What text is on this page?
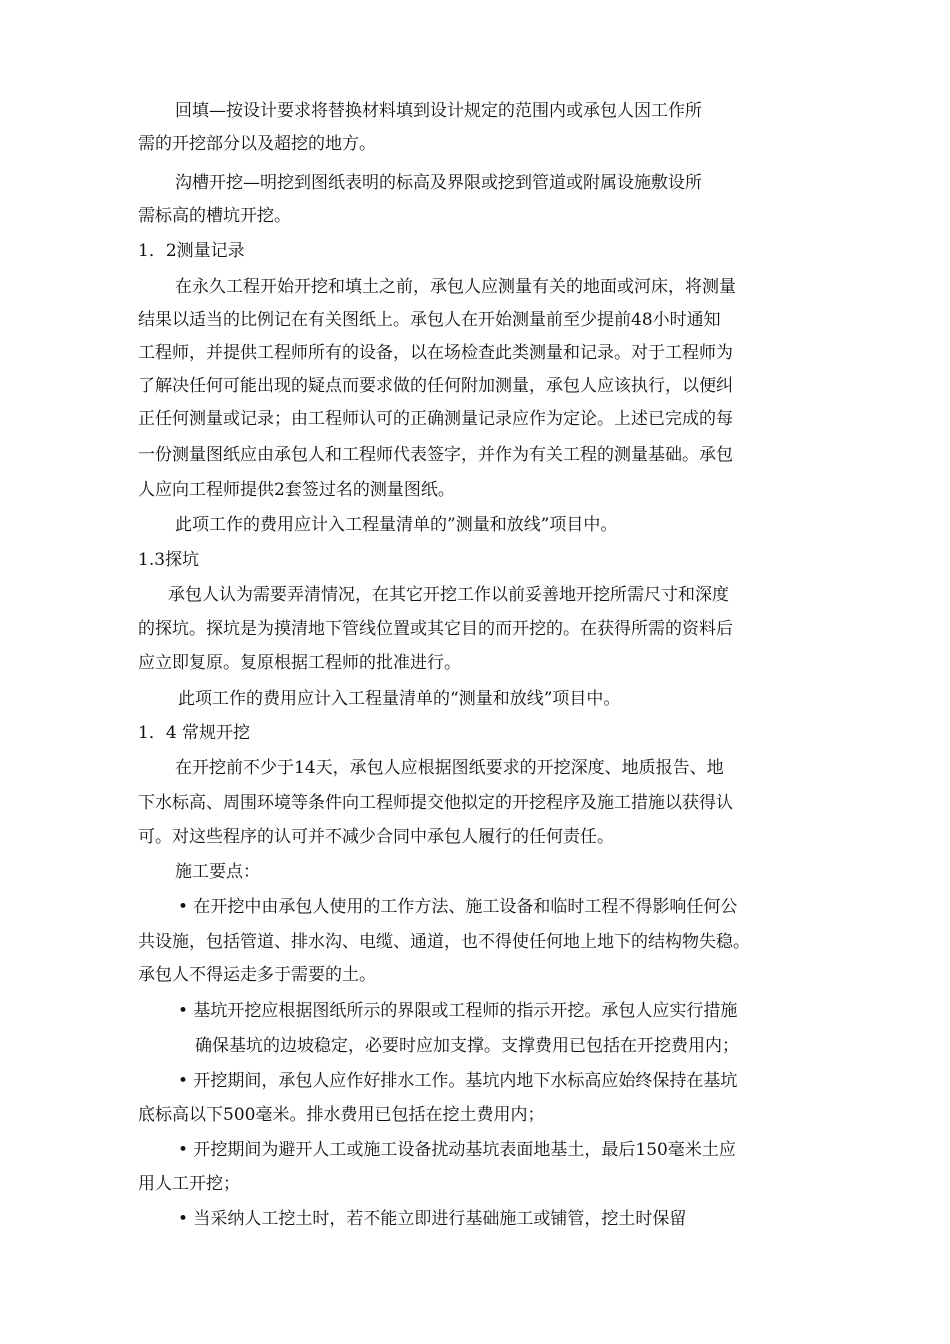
回填—按设计要求将替换材料填到设计规定的范围内或承包人因工作所
需的开挖部分以及超挖的地方。
沟槽开挖—明挖到图纸表明的标高及界限或挖到管道或附属设施敷设所
需标高的槽坑开挖。
1．2测量记录
在永久工程开始开挖和填土之前，承包人应测量有关的地面或河床，将测量
结果以适当的比例记在有关图纸上。承包人在开始测量前至少提前48小时通知
工程师，并提供工程师所有的设备，以在场检查此类测量和记录。对于工程师为
了解决任何可能出现的疑点而要求做的任何附加测量，承包人应该执行，以便纠
正任何测量或记录；由工程师认可的正确测量记录应作为定论。上述已完成的每
一份测量图纸应由承包人和工程师代表签字，并作为有关工程的测量基础。承包
人应向工程师提供2套签过名的测量图纸。
此项工作的费用应计入工程量清单的”测量和放线”项目中。
1.3探坑
承包人认为需要弄清情况，在其它开挖工作以前妥善地开挖所需尺寸和深度
的探坑。探坑是为摸清地下管线位置或其它目的而开挖的。在获得所需的资料后
应立即复原。复原根据工程师的批准进行。
此项工作的费用应计入工程量清单的“测量和放线”项目中。
1．4 常规开挖
在开挖前不少于14天，承包人应根据图纸要求的开挖深度、地质报告、地
下水标高、周围环境等条件向工程师提交他拟定的开挖程序及施工措施以获得认
可。对这些程序的认可并不减少合同中承包人履行的任何责任。
施工要点：
• 在开挖中由承包人使用的工作方法、施工设备和临时工程不得影响任何公
共设施，包括管道、排水沟、电缆、通道，也不得使任何地上地下的结构物失稳。
承包人不得运走多于需要的土。
• 基坑开挖应根据图纸所示的界限或工程师的指示开挖。承包人应实行措施
确保基坑的边坡稳定，必要时应加支撑。支撑费用已包括在开挖费用内；
• 开挖期间，承包人应作好排水工作。基坑内地下水标高应始终保持在基坑
底标高以下500毫米。排水费用已包括在挖土费用内；
• 开挖期间为避开人工或施工设备扰动基坑表面地基土，最后150毫米土应
用人工开挖；
• 当采纳人工挖土时，若不能立即进行基础施工或铺管，挖土时保留
